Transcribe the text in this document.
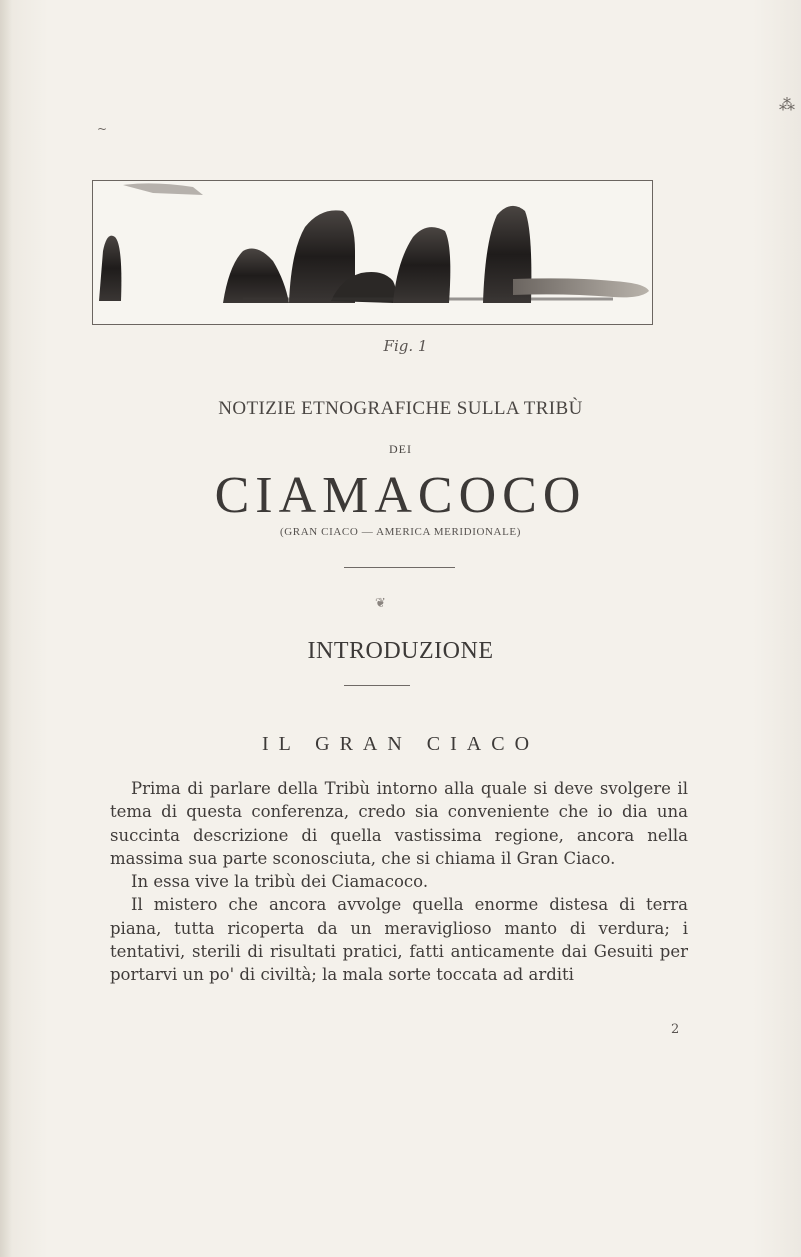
~
⁂
Fig. 1
NOTIZIE ETNOGRAFICHE SULLA TRIBÙ
DEI
CIAMACOCO
(GRAN CIACO — AMERICA MERIDIONALE)
❦
INTRODUZIONE
IL GRAN CIACO

Prima di parlare della Tribù intorno alla quale si deve svolgere il tema di questa conferenza, credo sia conveniente che io dia una succinta descrizione di quella vastissima regione, ancora nella massima sua parte sconosciuta, che si chiama il Gran Ciaco.

In essa vive la tribù dei Ciamacoco.

Il mistero che ancora avvolge quella enorme distesa di terra piana, tutta ricoperta da un meraviglioso manto di verdura; i tentativi, sterili di risultati pratici, fatti anticamente dai Gesuiti per portarvi un po' di civiltà; la mala sorte toccata ad arditi

2
